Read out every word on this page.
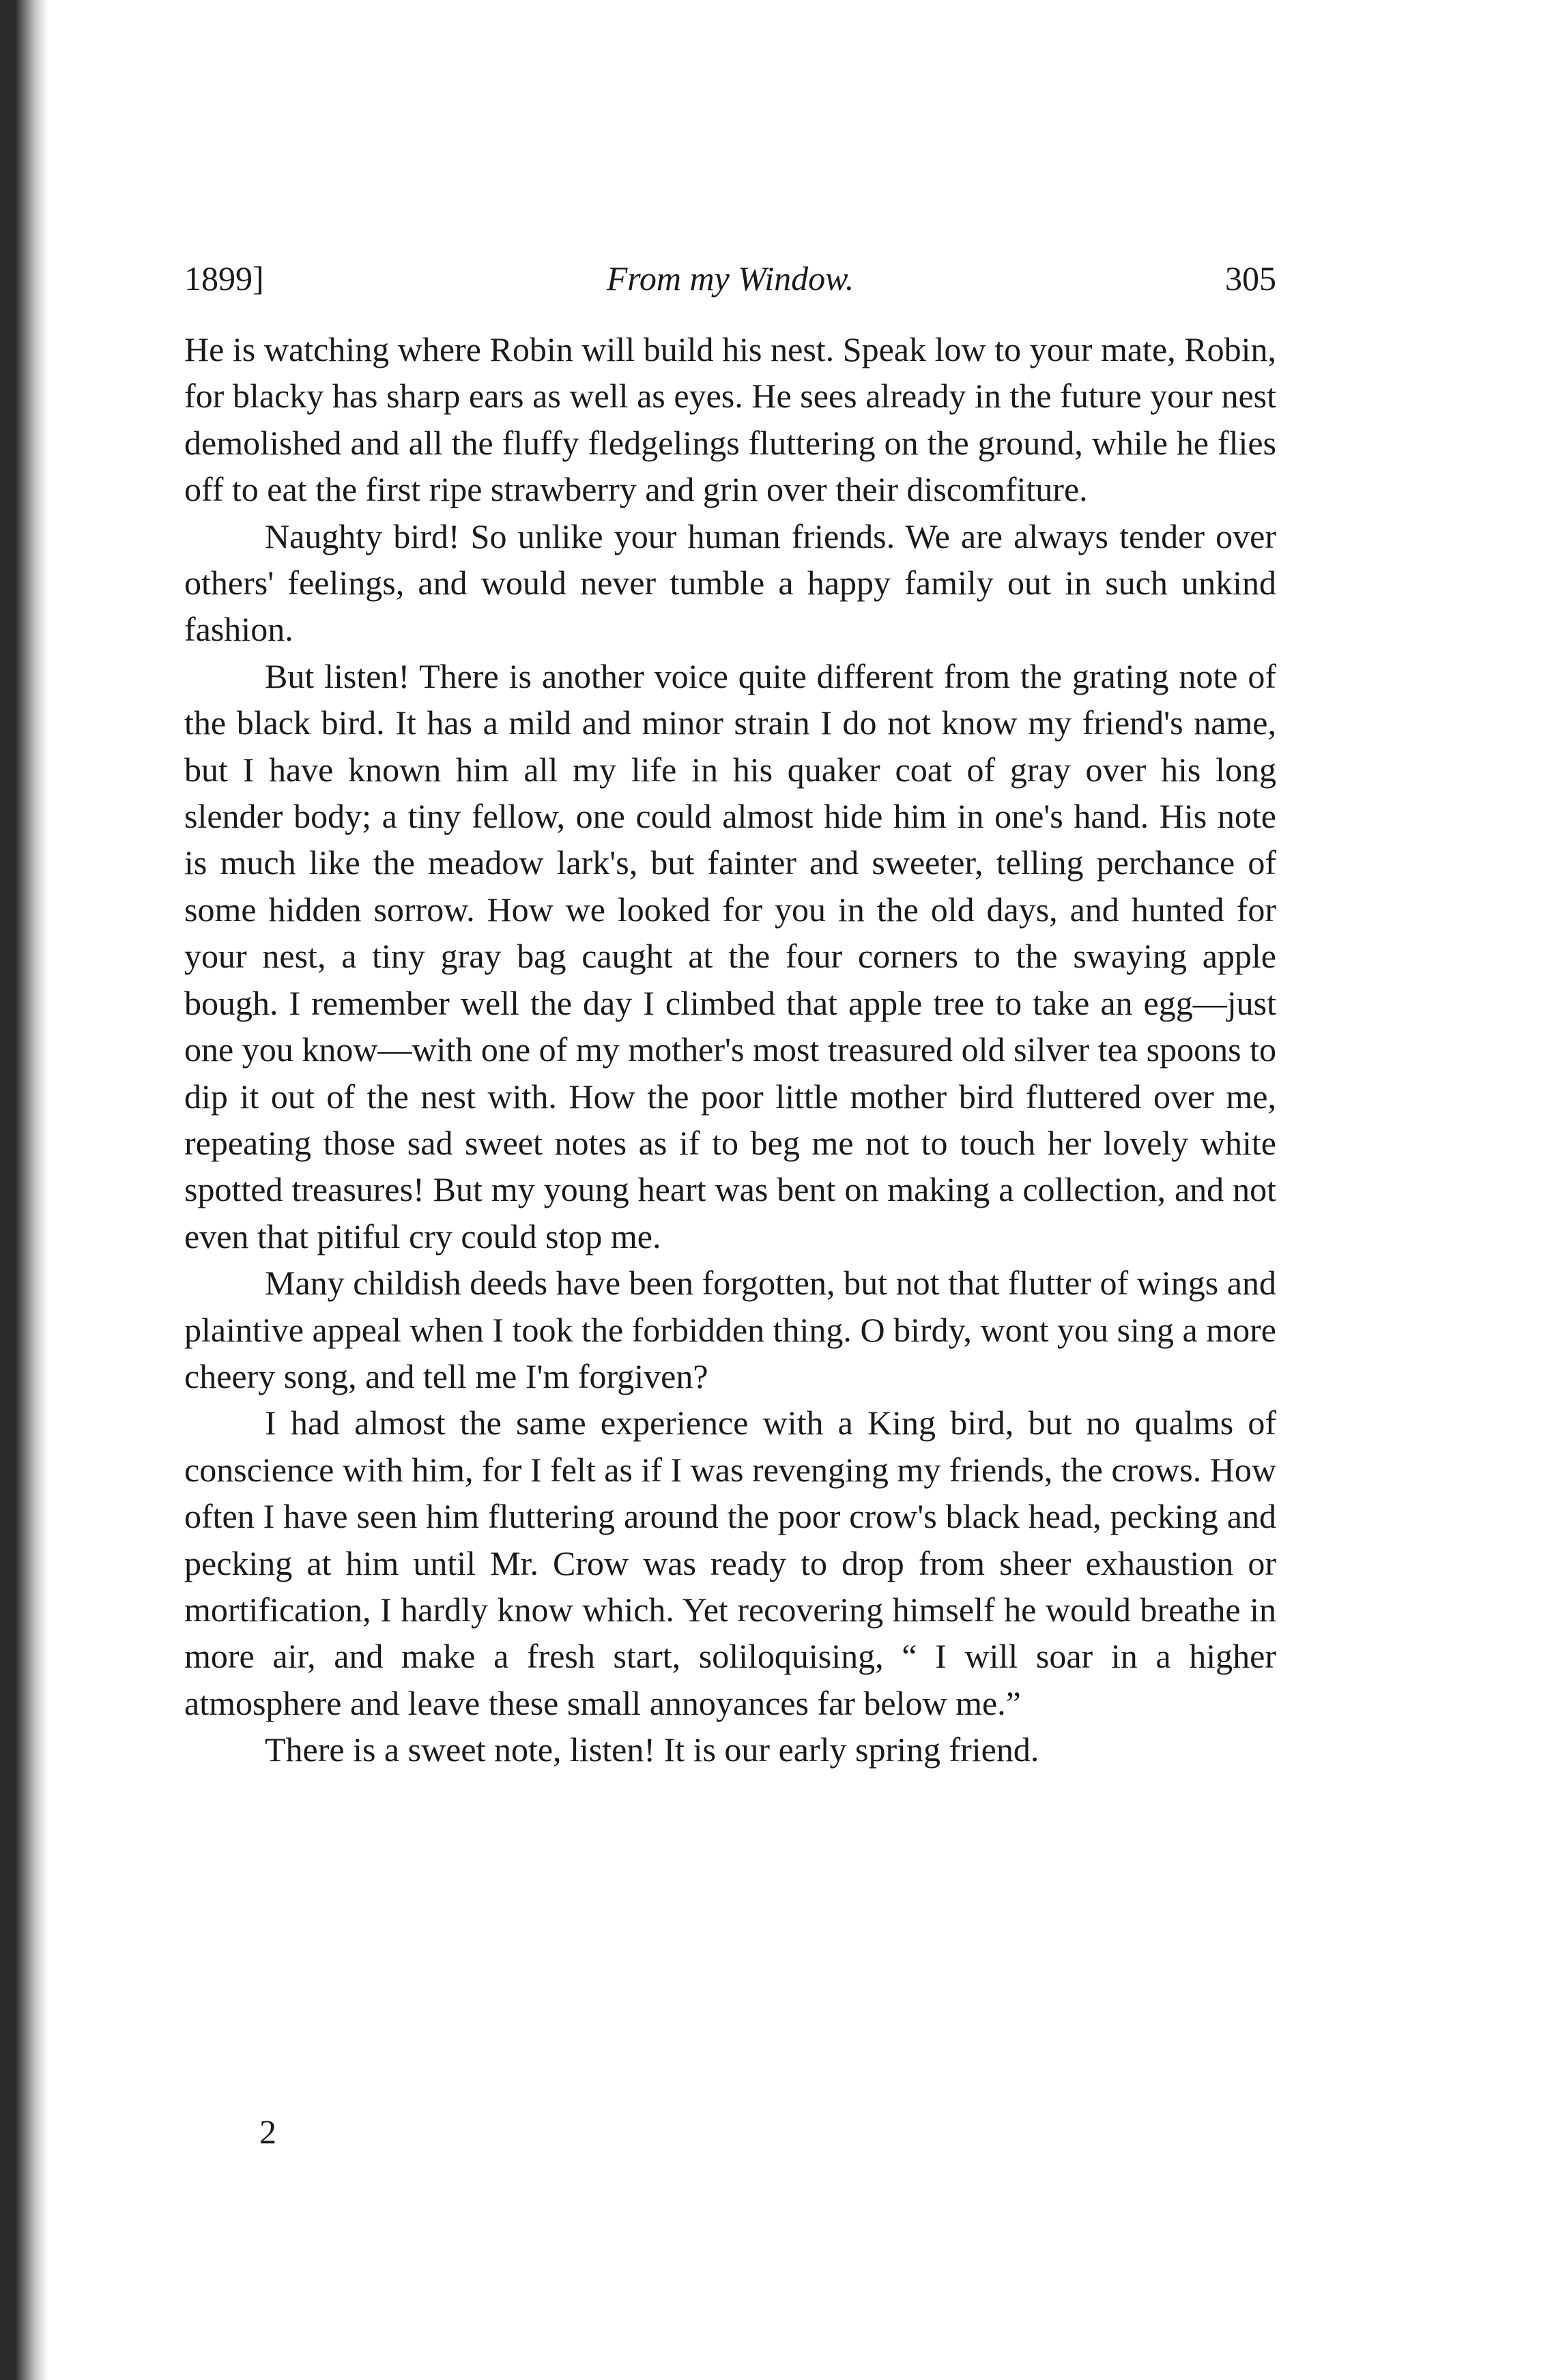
1899]	From my Window.	305

He is watching where Robin will build his nest. Speak low to your mate, Robin, for blacky has sharp ears as well as eyes. He sees already in the future your nest demolished and all the fluffy fledgelings fluttering on the ground, while he flies off to eat the first ripe strawberry and grin over their discomfiture.

Naughty bird! So unlike your human friends. We are always tender over others' feelings, and would never tumble a happy family out in such unkind fashion.

But listen! There is another voice quite different from the grating note of the black bird. It has a mild and minor strain I do not know my friend's name, but I have known him all my life in his quaker coat of gray over his long slender body; a tiny fellow, one could almost hide him in one's hand. His note is much like the meadow lark's, but fainter and sweeter, telling perchance of some hidden sorrow. How we looked for you in the old days, and hunted for your nest, a tiny gray bag caught at the four corners to the swaying apple bough. I remember well the day I climbed that apple tree to take an egg—just one you know—with one of my mother's most treasured old silver tea spoons to dip it out of the nest with. How the poor little mother bird fluttered over me, repeating those sad sweet notes as if to beg me not to touch her lovely white spotted treasures! But my young heart was bent on making a collection, and not even that pitiful cry could stop me.

Many childish deeds have been forgotten, but not that flutter of wings and plaintive appeal when I took the forbidden thing. O birdy, wont you sing a more cheery song, and tell me I'm forgiven?

I had almost the same experience with a King bird, but no qualms of conscience with him, for I felt as if I was revenging my friends, the crows. How often I have seen him fluttering around the poor crow's black head, pecking and pecking at him until Mr. Crow was ready to drop from sheer exhaustion or mortification, I hardly know which. Yet recovering himself he would breathe in more air, and make a fresh start, soliloquising, “ I will soar in a higher atmosphere and leave these small annoyances far below me.”

There is a sweet note, listen! It is our early spring friend.

2
